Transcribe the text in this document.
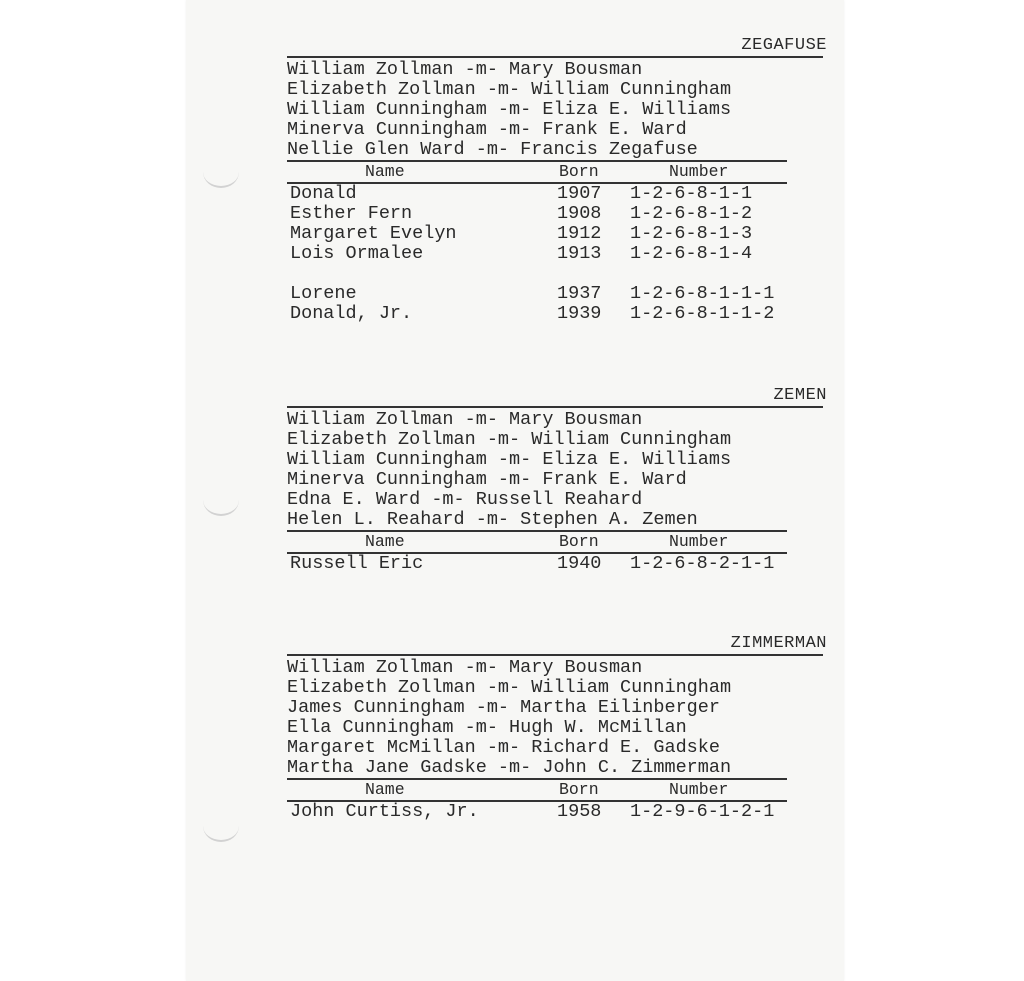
ZEGAFUSE
William Zollman -m- Mary Bousman
Elizabeth Zollman -m- William Cunningham
William Cunningham -m- Eliza E. Williams
Minerva Cunningham -m- Frank E. Ward
Nellie Glen Ward -m- Francis Zegafuse
Name	Born	Number
Donald	1907 1-2-6-8-1-1
Esther Fern	1908 1-2-6-8-1-2
Margaret Evelyn	1912 1-2-6-8-1-3
Lois Ormalee	1913 1-2-6-8-1-4
Lorene	1937 1-2-6-8-1-1-1
Donald, Jr.	1939 1-2-6-8-1-1-2
ZEMEN
William Zollman -m- Mary Bousman
Elizabeth Zollman -m- William Cunningham
William Cunningham -m- Eliza E. Williams
Minerva Cunningham -m- Frank E. Ward
Edna E. Ward -m- Russell Reahard
Helen L. Reahard -m- Stephen A. Zemen
Name	Born	Number
Russell Eric	1940 1-2-6-8-2-1-1
ZIMMERMAN
William Zollman -m- Mary Bousman
Elizabeth Zollman -m- William Cunningham
James Cunningham -m- Martha Eilinberger
Ella Cunningham -m- Hugh W. McMillan
Margaret McMillan -m- Richard E. Gadske
Martha Jane Gadske -m- John C. Zimmerman
Name	Born	Number
John Curtiss, Jr.	1958 1-2-9-6-1-2-1
